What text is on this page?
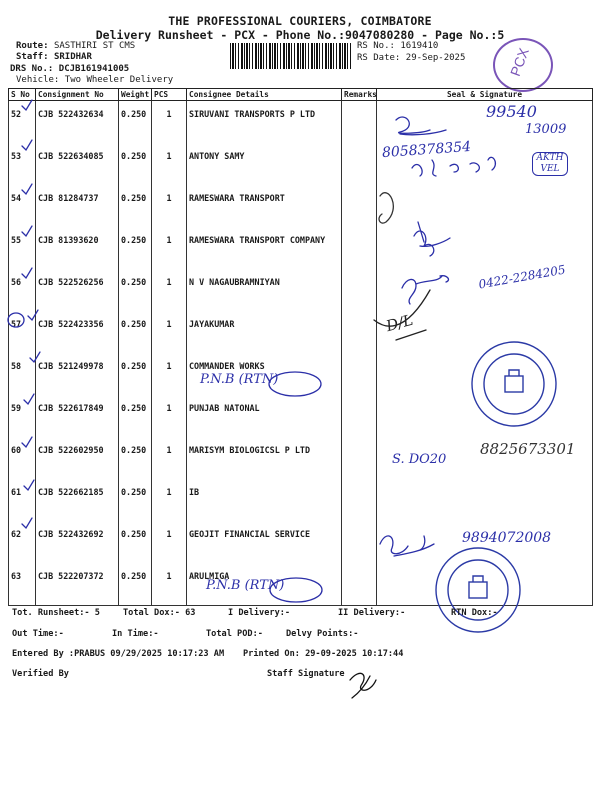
THE PROFESSIONAL COURIERS, COIMBATORE
Delivery Runsheet - PCX - Phone No.:9047080280 - Page No.:5
Route: SASTHIRI ST CMS
Staff: SRIDHAR
DRS No.: DCJB161941005
Vehicle: Two Wheeler Delivery
RS No.: 1619410
RS Date: 29-Sep-2025	PCX
S No	Consignment No	Weight	PCS	Consignee Details	Remarks	Seal & Signature
52	CJB 522432634	0.250	1	SIRUVANI TRANSPORTS P LTD		
53	CJB 522634085	0.250	1	ANTONY SAMY		
54	CJB 81284737	0.250	1	RAMESWARA TRANSPORT		
55	CJB 81393620	0.250	1	RAMESWARA TRANSPORT COMPANY		
56	CJB 522526256	0.250	1	N V NAGAUBRAMNIYAN		
57	CJB 522423356	0.250	1	JAYAKUMAR		
58	CJB 521249978	0.250	1	COMMANDER WORKS		
59	CJB 522617849	0.250	1	PUNJAB NATONAL		
60	CJB 522602950	0.250	1	MARISYM BIOLOGICSL P LTD		
61	CJB 522662185	0.250	1	IB		
62	CJB 522432692	0.250	1	GEOJIT FINANCIAL SERVICE		
63	CJB 522207372	0.250	1	ARULMIGA		
99540
13009
8058378354	AKTH VEL
0422-2284205
D/L
P.N.B (RTN)
S. DO20
8825673301
9894072008
P.N.B (RTN)
Tot. Runsheet:- 5	Total Dox:- 63	I Delivery:-	II Delivery:-	RTN Dox:-
Out Time:-	In Time:-	Total POD:-	Delvy Points:-
Entered By :PRABUS 09/29/2025 10:17:23 AM Printed On: 29-09-2025 10:17:44
Verified By	Staff Signature
